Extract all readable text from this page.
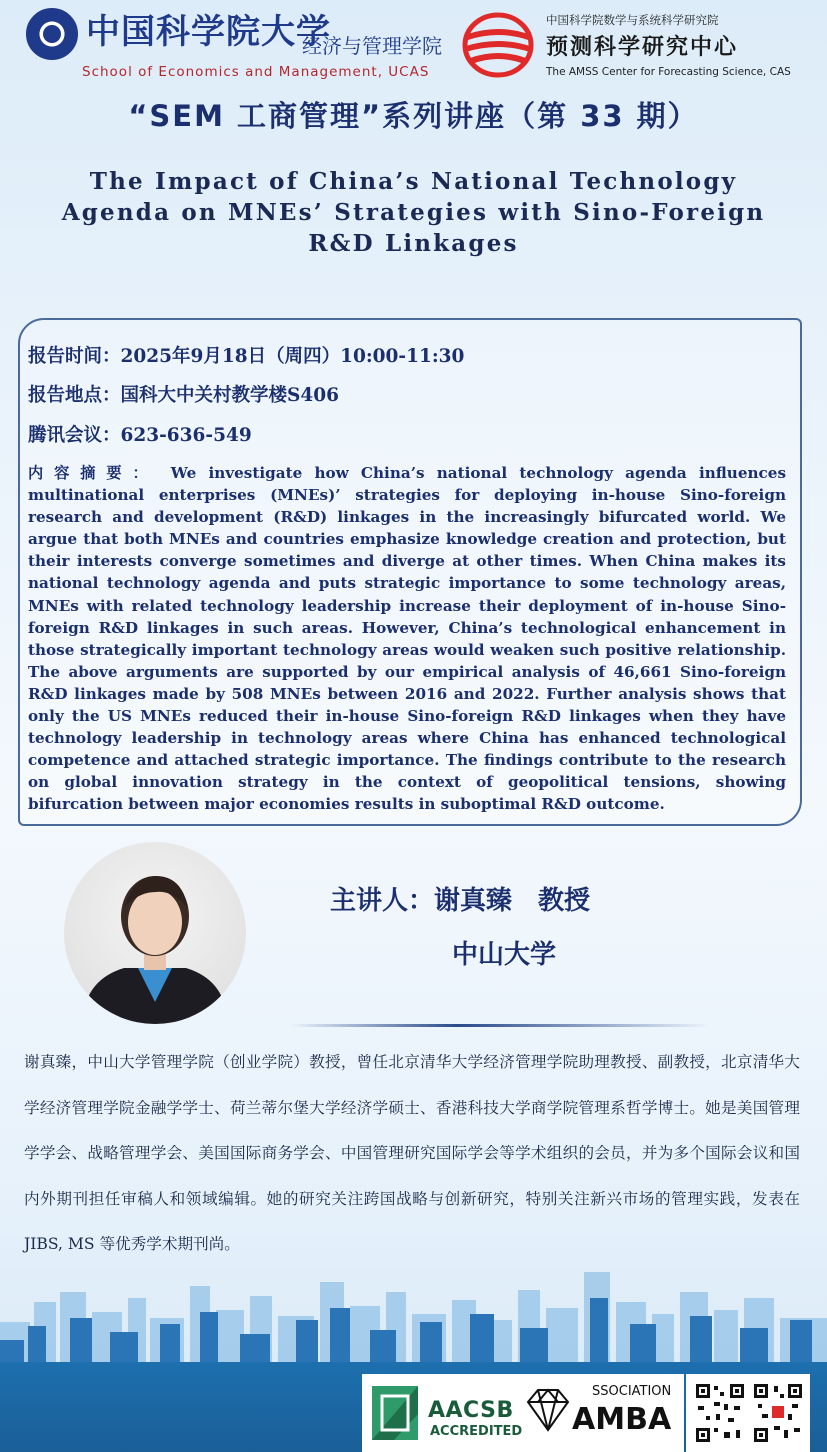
中国科学院大学
经济与管理学院
School of Economics and Management, UCAS
中国科学院数学与系统科学研究院
预测科学研究中心
The AMSS Center for Forecasting Science, CAS
“SEM 工商管理”系列讲座（第 33 期）
The Impact of China’s National Technology Agenda on MNEs’ Strategies with Sino-Foreign R&D Linkages
报告时间：2025年9月18日（周四）10:00-11:30
报告地点：国科大中关村教学楼S406
腾讯会议：623-636-549
内容摘要： We investigate how China’s national technology agenda influences multinational enterprises (MNEs)’ strategies for deploying in-house Sino-foreign research and development (R&D) linkages in the increasingly bifurcated world. We argue that both MNEs and countries emphasize knowledge creation and protection, but their interests converge sometimes and diverge at other times. When China makes its national technology agenda and puts strategic importance to some technology areas, MNEs with related technology leadership increase their deployment of in-house Sino-foreign R&D linkages in such areas. However, China’s technological enhancement in those strategically important technology areas would weaken such positive relationship. The above arguments are supported by our empirical analysis of 46,661 Sino-foreign R&D linkages made by 508 MNEs between 2016 and 2022. Further analysis shows that only the US MNEs reduced their in-house Sino-foreign R&D linkages when they have technology leadership in technology areas where China has enhanced technological competence and attached strategic importance. The findings contribute to the research on global innovation strategy in the context of geopolitical tensions, showing bifurcation between major economies results in suboptimal R&D outcome.
主讲人：谢真臻　教授
中山大学
谢真臻，中山大学管理学院（创业学院）教授，曾任北京清华大学经济管理学院助理教授、副教授，北京清华大学经济管理学院金融学学士、荷兰蒂尔堡大学经济学硕士、香港科技大学商学院管理系哲学博士。她是美国管理学学会、战略管理学会、美国国际商务学会、中国管理研究国际学会等学术组织的会员，并为多个国际会议和国内外期刊担任审稿人和领域编辑。她的研究关注跨国战略与创新研究，特别关注新兴市场的管理实践，发表在 JIBS, MS 等优秀学术期刊尚。
AACSB
ACCREDITED
SSOCIATION
AMBA
